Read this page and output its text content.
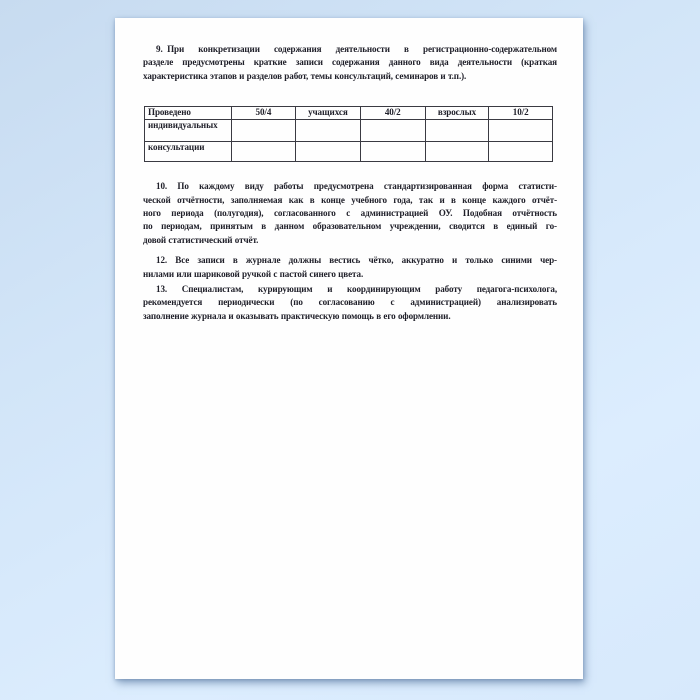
9. При конкретизации содержания деятельности в регистрационно-содержательном
разделе предусмотрены краткие записи содержания данного вида деятельности (краткая
характеристика этапов и разделов работ, темы консультаций, семинаров и т.п.).
Проведено	50/4	учащихся	40/2	взрослых	10/2
индивидуальных					
консультации					
10. По каждому виду работы предусмотрена стандартизированная форма статисти-
ческой отчётности, заполняемая как в конце учебного года, так и в конце каждого отчёт-
ного периода (полугодия), согласованного с администрацией ОУ. Подобная отчётность
по периодам, принятым в данном образовательном учреждении, сводится в единый го-
довой статистический отчёт.
12. Все записи в журнале должны вестись чётко, аккуратно и только синими чер-
нилами или шариковой ручкой с пастой синего цвета.
13. Специалистам, курирующим и координирующим работу педагога-психолога,
рекомендуется периодически (по согласованию с администрацией) анализировать
заполнение журнала и оказывать практическую помощь в его оформлении.
